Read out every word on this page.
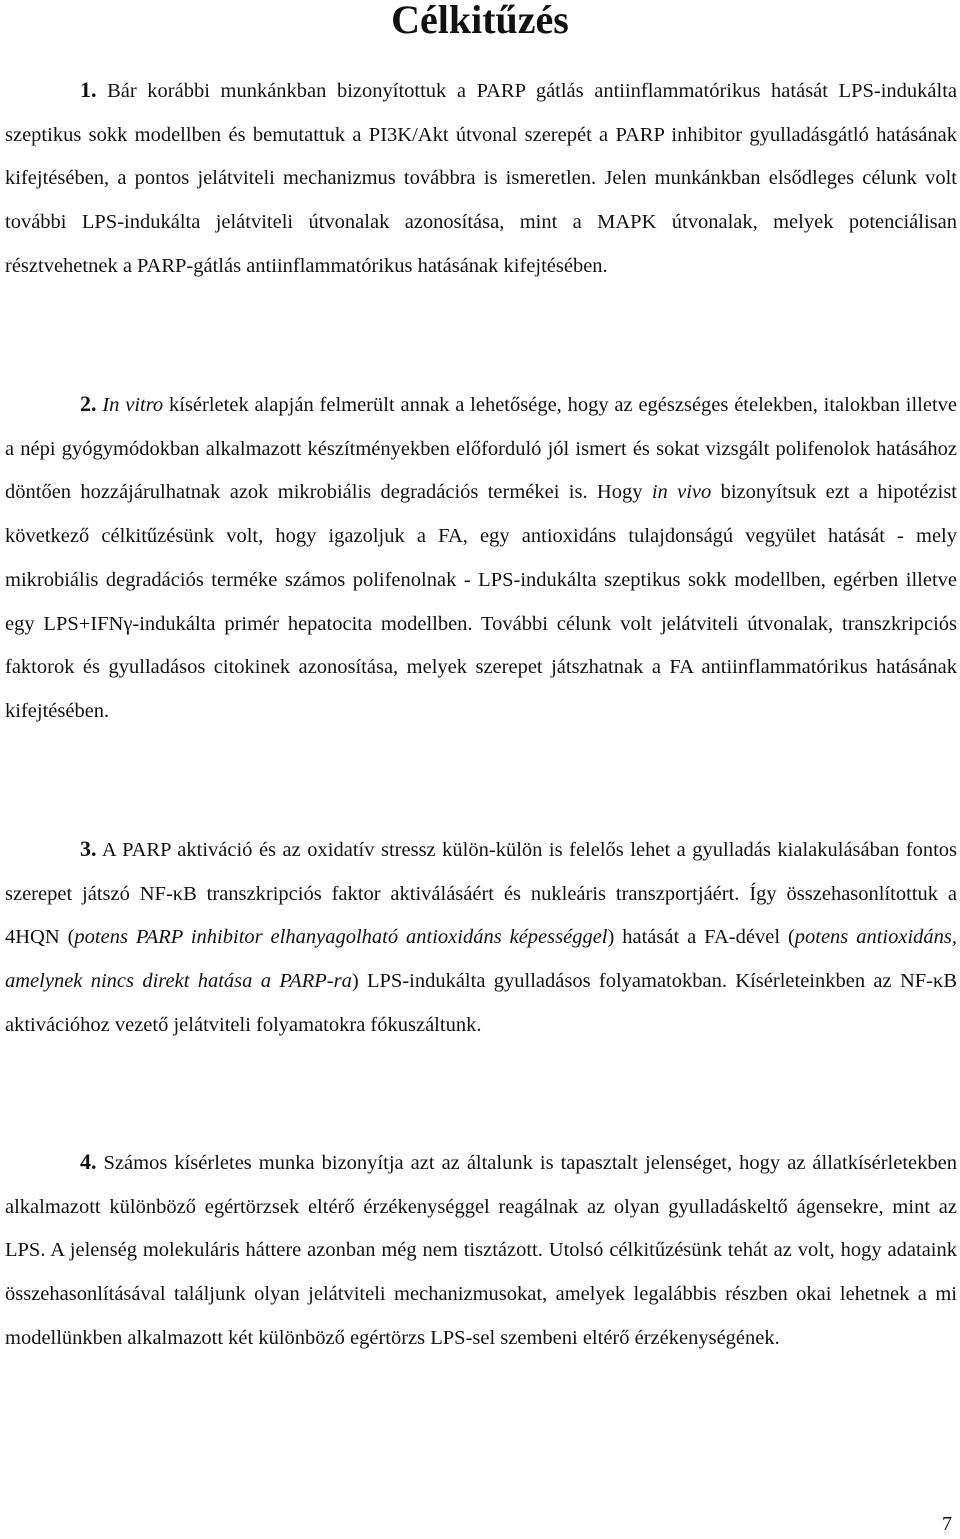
Célkitűzés

1. Bár korábbi munkánkban bizonyítottuk a PARP gátlás antiinflammatórikus hatását LPS-indukálta szeptikus sokk modellben és bemutattuk a PI3K/Akt útvonal szerepét a PARP inhibitor gyulladásgátló hatásának kifejtésében, a pontos jelátviteli mechanizmus továbbra is ismeretlen. Jelen munkánkban elsődleges célunk volt további LPS-indukálta jelátviteli útvonalak azonosítása, mint a MAPK útvonalak, melyek potenciálisan résztvehetnek a PARP-gátlás antiinflammatórikus hatásának kifejtésében.

2. In vitro kísérletek alapján felmerült annak a lehetősége, hogy az egészséges ételekben, italokban illetve a népi gyógymódokban alkalmazott készítményekben előforduló jól ismert és sokat vizsgált polifenolok hatásához döntően hozzájárulhatnak azok mikrobiális degradációs termékei is. Hogy in vivo bizonyítsuk ezt a hipotézist következő célkitűzésünk volt, hogy igazoljuk a FA, egy antioxidáns tulajdonságú vegyület hatását - mely mikrobiális degradációs terméke számos polifenolnak - LPS-indukálta szeptikus sokk modellben, egérben illetve egy LPS+IFNγ-indukálta primér hepatocita modellben. További célunk volt jelátviteli útvonalak, transzkripciós faktorok és gyulladásos citokinek azonosítása, melyek szerepet játszhatnak a FA antiinflammatórikus hatásának kifejtésében.

3. A PARP aktiváció és az oxidatív stressz külön-külön is felelős lehet a gyulladás kialakulásában fontos szerepet játszó NF-κB transzkripciós faktor aktiválásáért és nukleáris transzportjáért. Így összehasonlítottuk a 4HQN (potens PARP inhibitor elhanyagolható antioxidáns képességgel) hatását a FA-dével (potens antioxidáns, amelynek nincs direkt hatása a PARP-ra) LPS-indukálta gyulladásos folyamatokban. Kísérleteinkben az NF-κB aktivációhoz vezető jelátviteli folyamatokra fókuszáltunk.

4. Számos kísérletes munka bizonyítja azt az általunk is tapasztalt jelenséget, hogy az állatkísérletekben alkalmazott különböző egértörzsek eltérő érzékenységgel reagálnak az olyan gyulladáskeltő ágensekre, mint az LPS. A jelenség molekuláris háttere azonban még nem tisztázott. Utolsó célkitűzésünk tehát az volt, hogy adataink összehasonlításával találjunk olyan jelátviteli mechanizmusokat, amelyek legalábbis részben okai lehetnek a mi modellünkben alkalmazott két különböző egértörzs LPS-sel szembeni eltérő érzékenységének.

7
